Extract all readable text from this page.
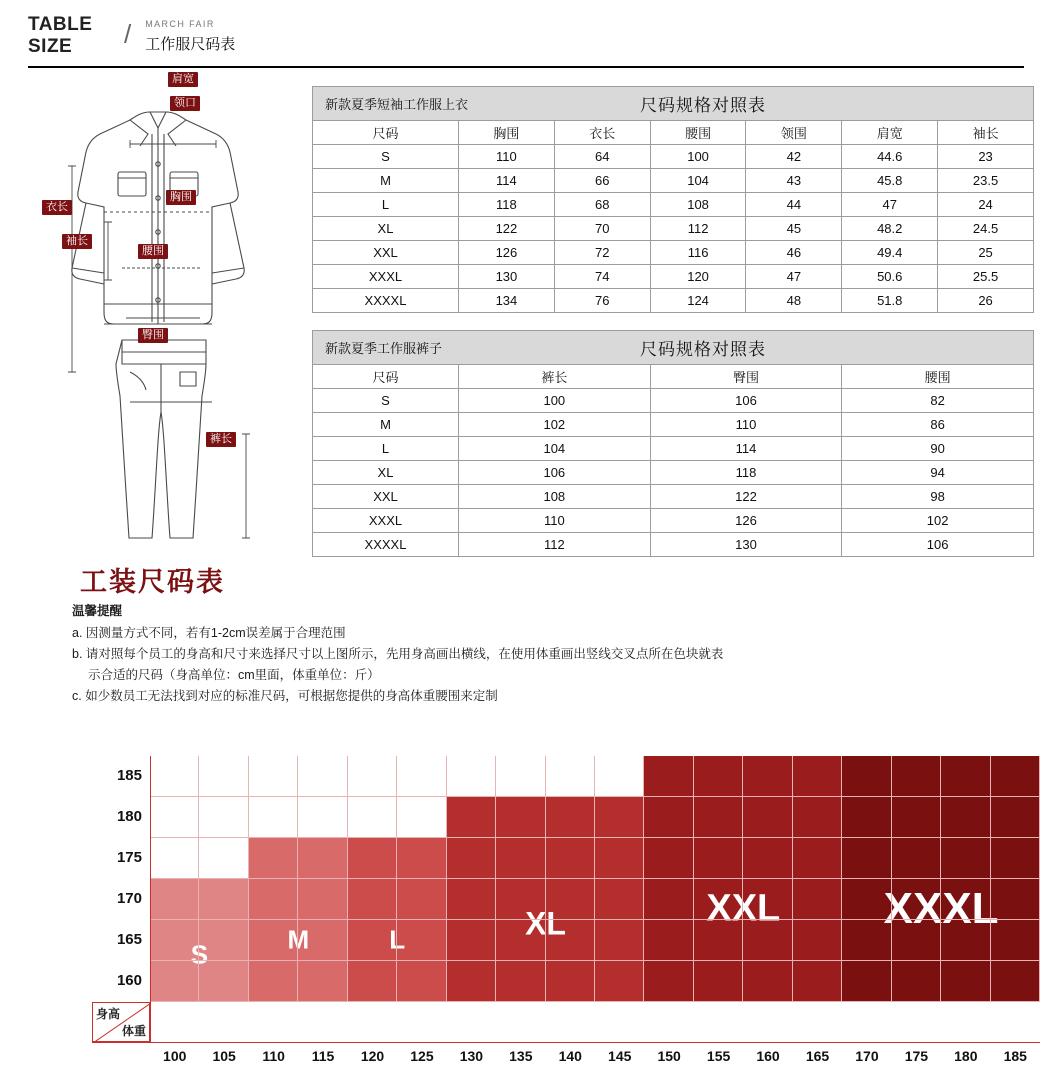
TABLE
SIZE	/ MARCH FAIR
工作服尺码表
肩宽
领口
胸围
衣长
袖长
腰围
臀围
裤长
工装尺码表

温馨提醒

a. 因测量方式不同，若有1-2cm误差属于合理范围

b. 请对照每个员工的身高和尺寸来选择尺寸以上图所示，先用身高画出横线，在使用体重画出竖线交叉点所在色块就表

示合适的尺码（身高单位：cm里面，体重单位：斤）

c. 如少数员工无法找到对应的标准尺码，可根据您提供的身高体重腰围来定制

新款夏季短袖工作服上衣	尺码规格对照表
尺码	胸围	衣长	腰围	领围	肩宽	袖长
S	110	64	100	42	44.6	23
M	114	66	104	43	45.8	23.5
L	118	68	108	44	47	24
XL	122	70	112	45	48.2	24.5
XXL	126	72	116	46	49.4	25
XXXL	130	74	120	47	50.6	25.5
XXXXL	134	76	124	48	51.8	26
新款夏季工作服裤子	尺码规格对照表
尺码	裤长	臀围	腰围
S	100	106	82
M	102	110	86
L	104	114	90
XL	106	118	94
XXL	108	122	98
XXXL	110	126	102
XXXXL	112	130	106
S
M	L	XL	XXL XXXL
185
180
175
170
165
160
100	105	110	115	120	125	130	135	140	145	150	155	160	165	170	175	180	185
身高
体重
